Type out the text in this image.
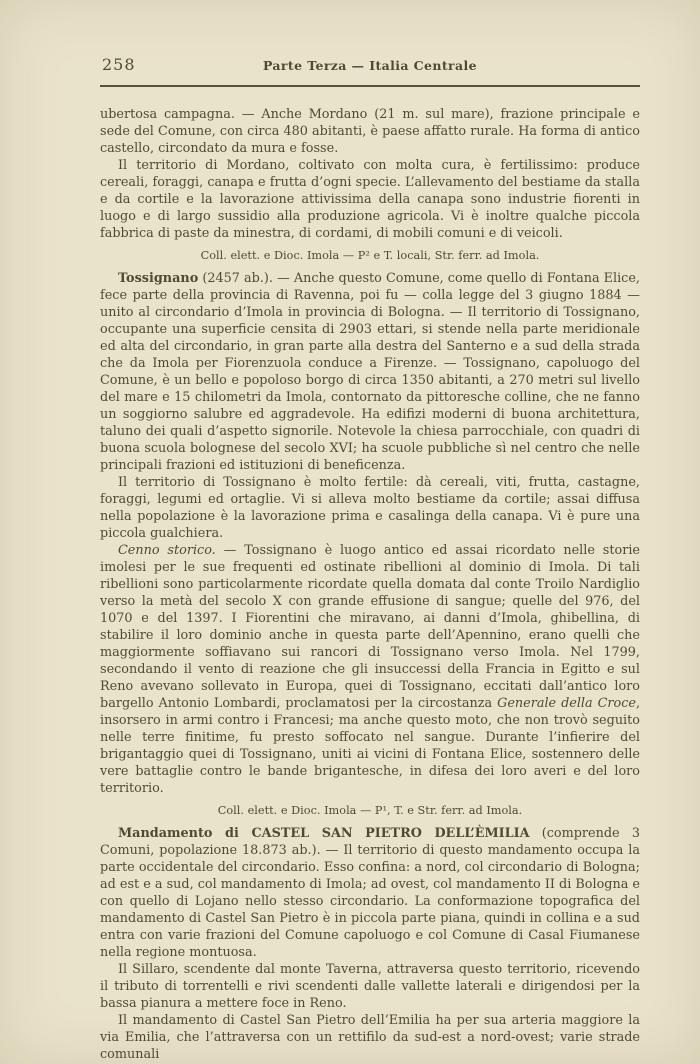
258	Parte Terza — Italia Centrale

ubertosa campagna. — Anche Mordano (21 m. sul mare), frazione principale e sede del Comune, con circa 480 abitanti, è paese affatto rurale. Ha forma di antico castello, circondato da mura e fosse.

Il territorio di Mordano, coltivato con molta cura, è fertilissimo: produce cereali, foraggi, canapa e frutta d’ogni specie. L’allevamento del bestiame da stalla e da cortile e la lavorazione attivissima della canapa sono industrie fiorenti in luogo e di largo sussidio alla produzione agricola. Vi è inoltre qualche piccola fabbrica di paste da minestra, di cordami, di mobili comuni e di veicoli.

Coll. elett. e Dioc. Imola — P² e T. locali, Str. ferr. ad Imola.

Tossignano (2457 ab.). — Anche questo Comune, come quello di Fontana Elice, fece parte della provincia di Ravenna, poi fu — colla legge del 3 giugno 1884 — unito al circondario d’Imola in provincia di Bologna. — Il territorio di Tossignano, occupante una superficie censita di 2903 ettari, si stende nella parte meridionale ed alta del circondario, in gran parte alla destra del Santerno e a sud della strada che da Imola per Fiorenzuola conduce a Firenze. — Tossignano, capoluogo del Comune, è un bello e popoloso borgo di circa 1350 abitanti, a 270 metri sul livello del mare e 15 chilometri da Imola, contornato da pittoresche colline, che ne fanno un soggiorno salubre ed aggradevole. Ha edifizi moderni di buona architettura, taluno dei quali d’aspetto signorile. Notevole la chiesa parrocchiale, con quadri di buona scuola bolognese del secolo XVI; ha scuole pubbliche sì nel centro che nelle principali frazioni ed istituzioni di beneficenza.

Il territorio di Tossignano è molto fertile: dà cereali, viti, frutta, castagne, foraggi, legumi ed ortaglie. Vi si alleva molto bestiame da cortile; assai diffusa nella popolazione è la lavorazione prima e casalinga della canapa. Vi è pure una piccola gualchiera.

Cenno storico. — Tossignano è luogo antico ed assai ricordato nelle storie imolesi per le sue frequenti ed ostinate ribellioni al dominio di Imola. Di tali ribellioni sono particolarmente ricordate quella domata dal conte Troilo Nardiglio verso la metà del secolo X con grande effusione di sangue; quelle del 976, del 1070 e del 1397. I Fiorentini che miravano, ai danni d’Imola, ghibellina, di stabilire il loro dominio anche in questa parte dell’Apennino, erano quelli che maggiormente soffiavano sui rancori di Tossignano verso Imola. Nel 1799, secondando il vento di reazione che gli insuccessi della Francia in Egitto e sul Reno avevano sollevato in Europa, quei di Tossignano, eccitati dall’antico loro bargello Antonio Lombardi, proclamatosi per la circostanza Generale della Croce, insorsero in armi contro i Francesi; ma anche questo moto, che non trovò seguito nelle terre finitime, fu presto soffocato nel sangue. Durante l’infierire del brigantaggio quei di Tossignano, uniti ai vicini di Fontana Elice, sostennero delle vere battaglie contro le bande brigantesche, in difesa dei loro averi e del loro territorio.

Coll. elett. e Dioc. Imola — P¹, T. e Str. ferr. ad Imola.

Mandamento di CASTEL SAN PIETRO DELL’ÈMILIA (comprende 3 Comuni, popolazione 18.873 ab.). — Il territorio di questo mandamento occupa la parte occidentale del circondario. Esso confina: a nord, col circondario di Bologna; ad est e a sud, col mandamento di Imola; ad ovest, col mandamento II di Bologna e con quello di Lojano nello stesso circondario. La conformazione topografica del mandamento di Castel San Pietro è in piccola parte piana, quindi in collina e a sud entra con varie frazioni del Comune capoluogo e col Comune di Casal Fiumanese nella regione montuosa.

Il Sillaro, scendente dal monte Taverna, attraversa questo territorio, ricevendo il tributo di torrentelli e rivi scendenti dalle vallette laterali e dirigendosi per la bassa pianura a mettere foce in Reno.

Il mandamento di Castel San Pietro dell’Emilia ha per sua arteria maggiore la via Emilia, che l’attraversa con un rettifilo da sud-est a nord-ovest; varie strade comunali
